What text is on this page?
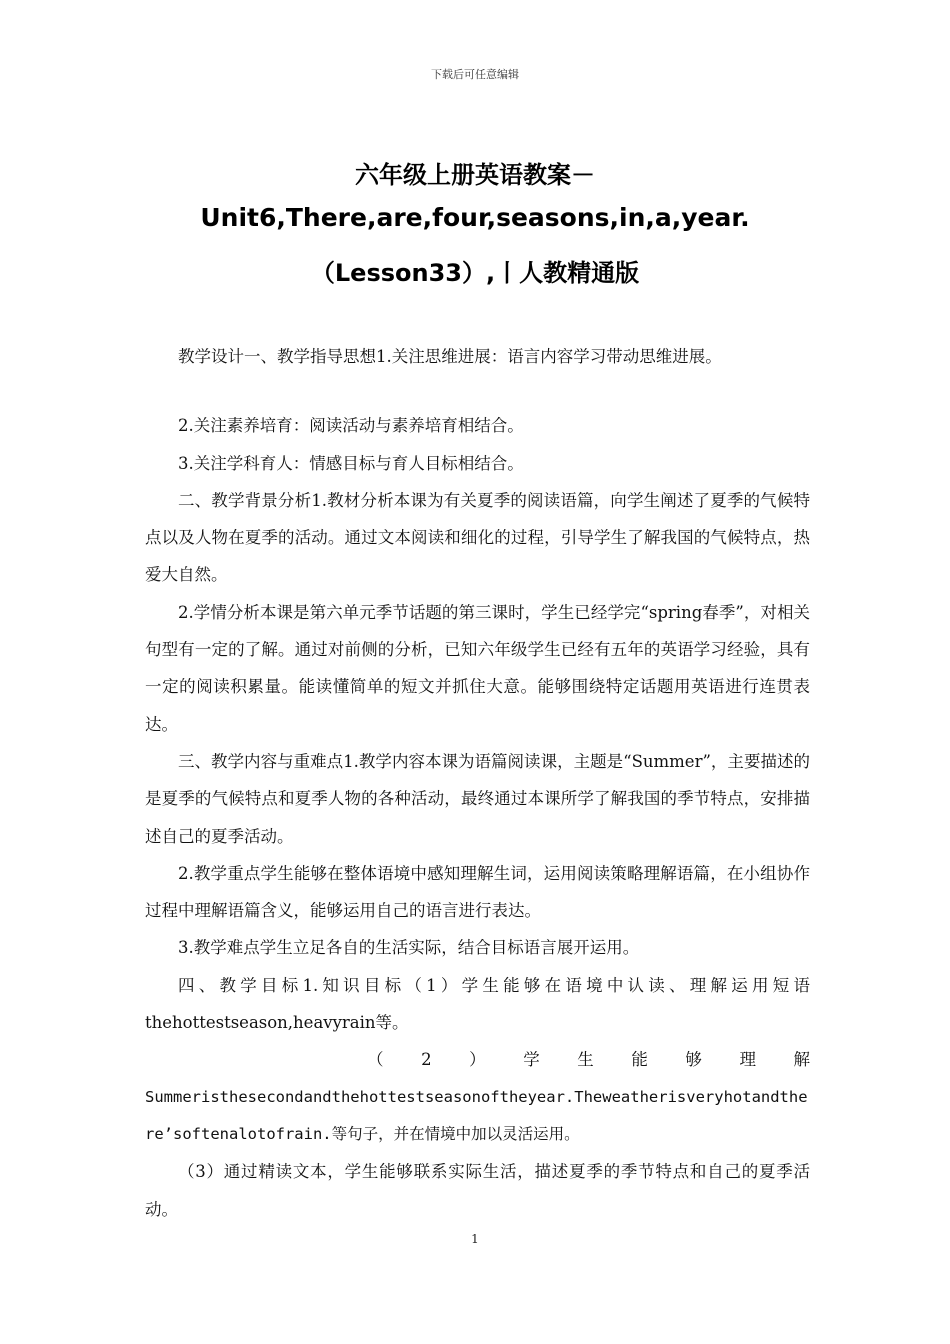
下载后可任意编辑
六年级上册英语教案－
Unit6,There,are,four,seasons,in,a,year.
（Lesson33）,丨人教精通版

教学设计一、教学指导思想1.关注思维进展：语言内容学习带动思维进展。

2.关注素养培育：阅读活动与素养培育相结合。

3.关注学科育人：情感目标与育人目标相结合。

二、教学背景分析1.教材分析本课为有关夏季的阅读语篇，向学生阐述了夏季的气候特点以及人物在夏季的活动。通过文本阅读和细化的过程，引导学生了解我国的气候特点，热爱大自然。

2.学情分析本课是第六单元季节话题的第三课时，学生已经学完“spring春季”，对相关句型有一定的了解。通过对前侧的分析，已知六年级学生已经有五年的英语学习经验，具有一定的阅读积累量。能读懂简单的短文并抓住大意。能够围绕特定话题用英语进行连贯表达。

三、教学内容与重难点1.教学内容本课为语篇阅读课，主题是“Summer”，主要描述的是夏季的气候特点和夏季人物的各种活动，最终通过本课所学了解我国的季节特点，安排描述自己的夏季活动。

2.教学重点学生能够在整体语境中感知理解生词，运用阅读策略理解语篇，在小组协作过程中理解语篇含义，能够运用自己的语言进行表达。

3.教学难点学生立足各自的生活实际，结合目标语言展开运用。

四、教学目标1.知识目标（1）学生能够在语境中认读、理解运用短语thehottestseason,heavyrain等。

（ 2 ） 学 生 能 够 理 解

Summeristhesecondandthehottestseasonoftheyear.Theweatherisveryhotandthere’softenalotofrain.等句子，并在情境中加以灵活运用。

（3）通过精读文本，学生能够联系实际生活，描述夏季的季节特点和自己的夏季活动。

1
